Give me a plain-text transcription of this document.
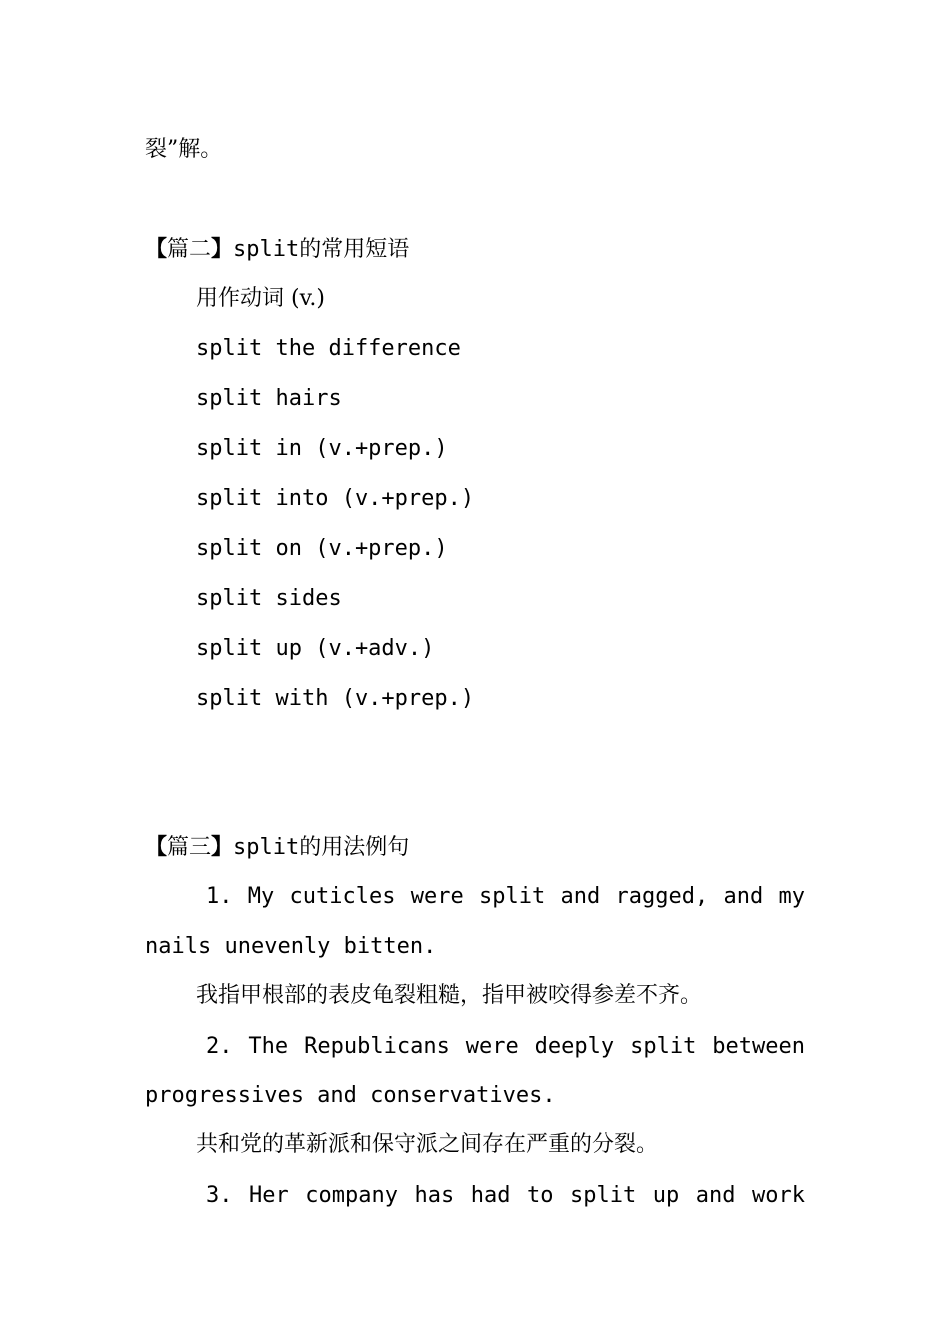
裂”解。
【篇二】split的常用短语
用作动词 (v.)
split the difference
split hairs
split in (v.+prep.)
split into (v.+prep.)
split on (v.+prep.)
split sides
split up (v.+adv.)
split with (v.+prep.)
【篇三】split的用法例句
1. My cuticles were split and ragged, and my
nails unevenly bitten.
我指甲根部的表皮龟裂粗糙，指甲被咬得参差不齐。
2. The Republicans were deeply split between
progressives and conservatives.
共和党的革新派和保守派之间存在严重的分裂。
3. Her company has had to split up and work
